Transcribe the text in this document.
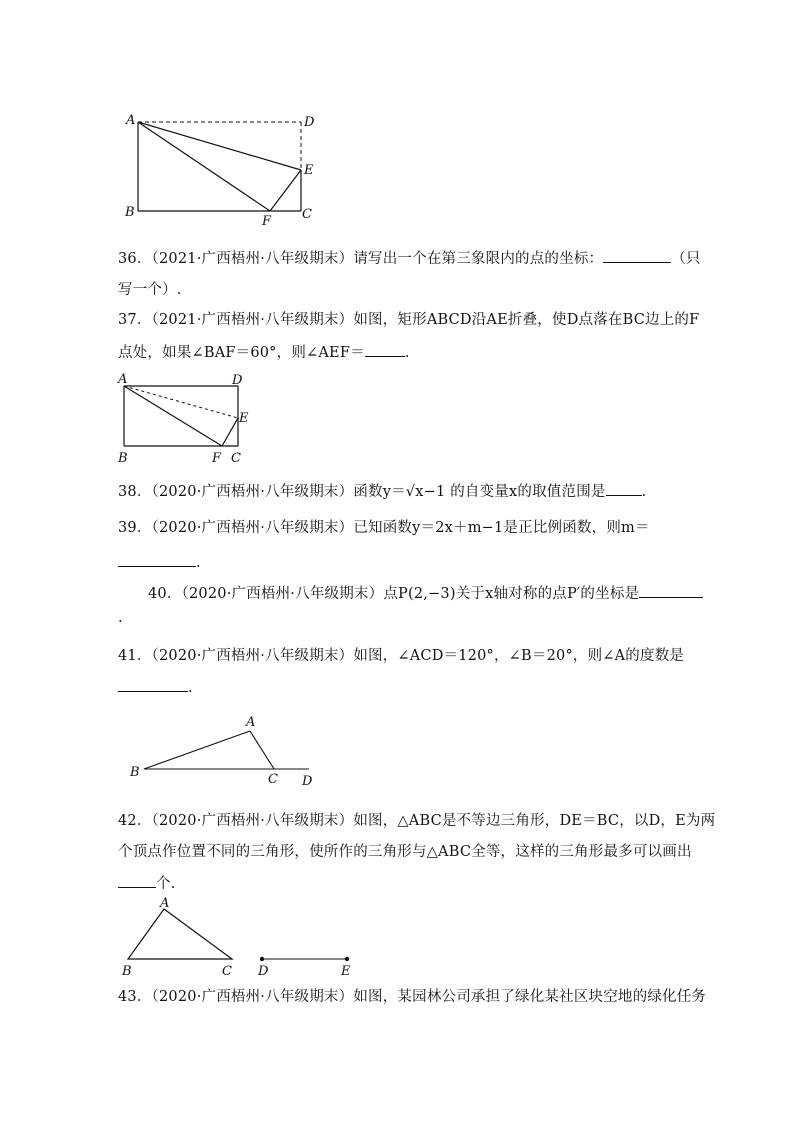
A	D
E
B	C
F
36．（2021·广西梧州·八年级期末）请写出一个在第三象限内的点的坐标：	（只
写一个）.
37．（2021·广西梧州·八年级期末）如图，矩形ABCD沿AE折叠，使D点落在BC边上的F
点处，如果∠BAF＝60°，则∠AEF＝	.
A	D
E
B	F C
38．（2020·广西梧州·八年级期末）函数y＝√x−1 的自变量x的取值范围是 .
39．（2020·广西梧州·八年级期末）已知函数y＝2x＋m−1是正比例函数，则m＝
.
40．（2020·广西梧州·八年级期末）点P(2,−3)关于x轴对称的点P′的坐标是
.
41．（2020·广西梧州·八年级期末）如图，∠ACD＝120°，∠B＝20°，则∠A的度数是
.
A
B	C D
42．（2020·广西梧州·八年级期末）如图，△ABC是不等边三角形，DE＝BC，以D，E为两
个顶点作位置不同的三角形，使所作的三角形与△ABC全等，这样的三角形最多可以画出
个.
A
B	C D	E
43．（2020·广西梧州·八年级期末）如图，某园林公司承担了绿化某社区块空地的绿化任务
